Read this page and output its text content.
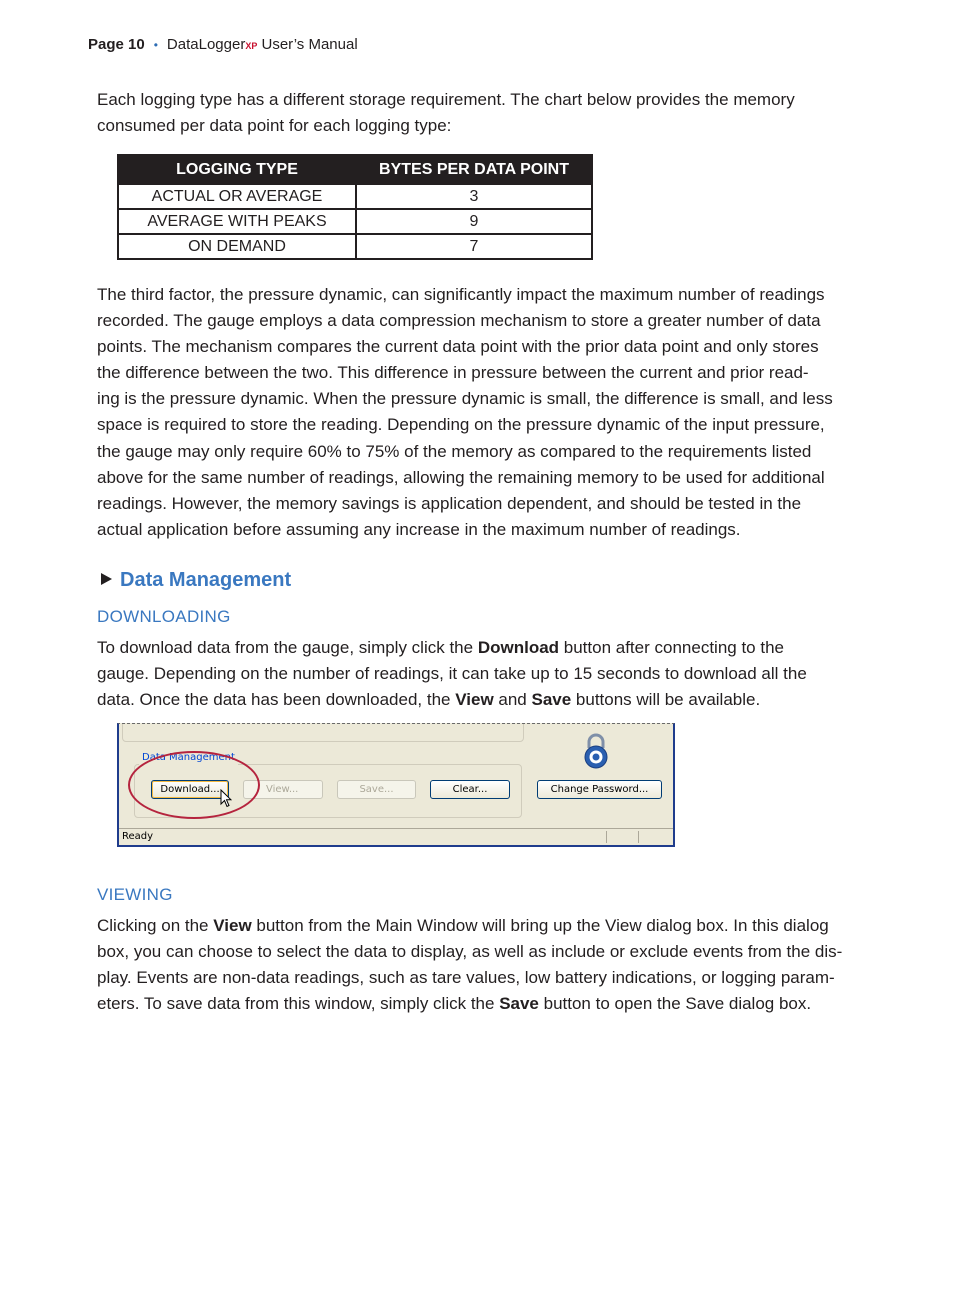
Page 10 • DataLoggerXP User’s Manual

Each logging type has a different storage requirement. The chart below provides the memory
consumed per data point for each logging type:

LOGGING TYPE	BYTES PER DATA POINT
ACTUAL OR AVERAGE	3
AVERAGE WITH PEAKS	9
ON DEMAND	7

The third factor, the pressure dynamic, can significantly impact the maximum number of readings
recorded. The gauge employs a data compression mechanism to store a greater number of data
points. The mechanism compares the current data point with the prior data point and only stores
the difference between the two. This difference in pressure between the current and prior read-
ing is the pressure dynamic. When the pressure dynamic is small, the difference is small, and less
space is required to store the reading. Depending on the pressure dynamic of the input pressure,
the gauge may only require 60% to 75% of the memory as compared to the requirements listed
above for the same number of readings, allowing the remaining memory to be used for additional
readings. However, the memory savings is application dependent, and should be tested in the
actual application before assuming any increase in the maximum number of readings.

Data Management
DOWNLOADING

To download data from the gauge, simply click the Download button after connecting to the
gauge. Depending on the number of readings, it can take up to 15 seconds to download all the
data. Once the data has been downloaded, the View and Save buttons will be available.

Data Management
Download...	View...	Save...	Clear...	Change Password...
Ready
VIEWING

Clicking on the View button from the Main Window will bring up the View dialog box. In this dialog
box, you can choose to select the data to display, as well as include or exclude events from the dis-
play. Events are non-data readings, such as tare values, low battery indications, or logging param-
eters. To save data from this window, simply click the Save button to open the Save dialog box.
